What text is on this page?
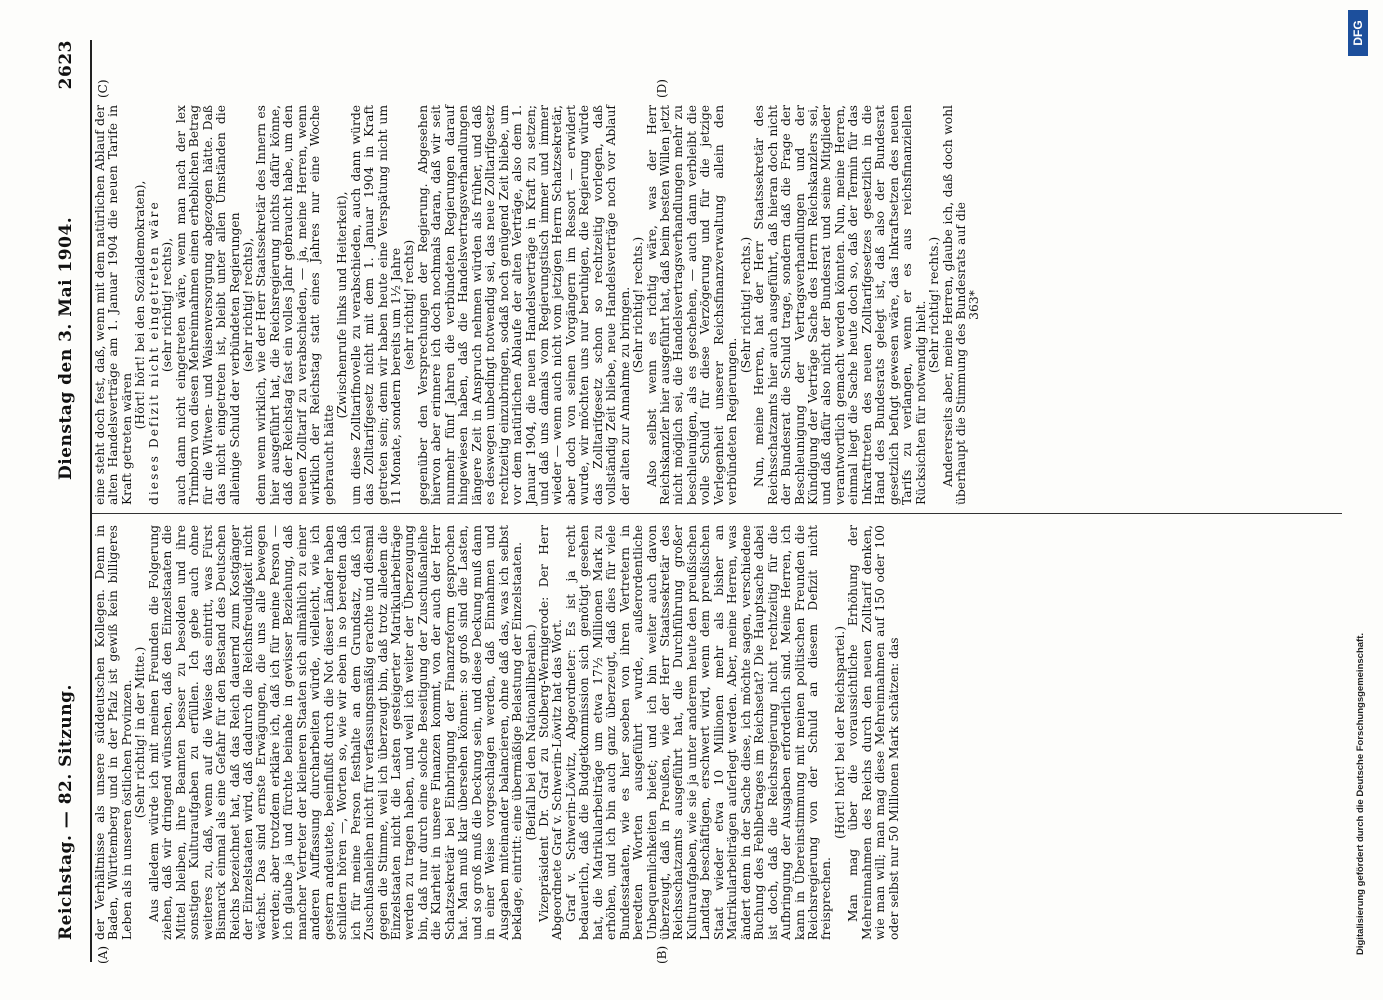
Reichstag. — 82. Sitzung.
Dienstag den 3. Mai 1904.
2623
(A)	(B)
(C)	(D)

der Verhältnisse als unsere süddeutschen Kollegen. Denn in Baden, Württemberg und in der Pfalz ist gewiß kein billigeres Leben als in unseren östlichen Provinzen. (Sehr richtig! in der Mitte.) Aus alledem würde ich mit meinen Freunden die Folgerung ziehen, daß wir dringend wünschen, daß den Einzelstaaten die Mittel bleiben, ihre Beamten besser zu besolden und ihre sonstigen Kulturaufgaben zu erfüllen. Ich gebe auch ohne weiteres zu, daß, wenn auf die Weise das eintritt, was Fürst Bismarck einmal als eine Gefahr für den Bestand des Deutschen Reichs bezeichnet hat, daß das Reich dauernd zum Kostgänger der Einzelstaaten wird, daß dadurch die Reichsfreudigkeit nicht wächst. Das sind ernste Erwägungen, die uns alle bewegen werden; aber trotzdem erkläre ich, daß ich für meine Person — ich glaube ja und fürchte beinahe in gewisser Beziehung, daß mancher Vertreter der kleineren Staaten sich allmählich zu einer anderen Auffassung durcharbeiten würde, vielleicht, wie ich gestern andeutete, beeinflußt durch die Not dieser Länder haben schildern hören —, Worten so, wie wir eben in so beredten daß ich für meine Person festhalte an dem Grundsatz, daß ich Zuschußanleihen nicht für verfassungsmäßig erachte und diesmal gegen die Stimme, weil ich überzeugt bin, daß trotz alledem die Einzelstaaten nicht die Lasten gesteigerter Matrikularbeiträge werden zu tragen haben, und weil ich weiter der Überzeugung bin, daß nur durch eine solche Beseitigung der Zuschußanleihe die Klarheit in unsere Finanzen kommt, von der auch der Herr Schatzsekretär bei Einbringung der Finanzreform gesprochen hat. Man muß klar übersehen können: so groß sind die Lasten, und so groß muß die Deckung sein, und diese Deckung muß dann in einer Weise vorgeschlagen werden, daß Einnahmen und Ausgaben miteinander balancieren, ohne daß das, was ich selbst beklage, eintritt: eine übermäßige Belastung der Einzelstaaten. (Beifall bei den Nationalliberalen.) Vizepräsident Dr. Graf zu Stolberg-Wernigerode: Der Herr Abgeordnete Graf v. Schwerin-Löwitz hat das Wort. Graf v. Schwerin-Löwitz, Abgeordneter: Es ist ja recht bedauerlich, daß die Budgetkommission sich genötigt gesehen hat, die Matrikularbeiträge um etwa 17½ Millionen Mark zu erhöhen, und ich bin auch ganz überzeugt, daß dies für viele Bundesstaaten, wie es hier soeben von ihren Vertretern in beredten Worten ausgeführt wurde, außerordentliche Unbequemlichkeiten bietet; und ich bin weiter auch davon überzeugt, daß in Preußen, wie der Herr Staatssekretär des Reichsschatzamts ausgeführt hat, die Durchführung großer Kulturaufgaben, wie sie ja unter anderem heute den preußischen Landtag beschäftigen, erschwert wird, wenn dem preußischen Staat wieder etwa 10 Millionen mehr als bisher an Matrikularbeiträgen auferlegt werden. Aber, meine Herren, was ändert denn in der Sache diese, ich möchte sagen, verschiedene Buchung des Fehlbetrages im Reichsetat? Die Hauptsache dabei ist doch, daß die Reichsregierung nicht rechtzeitig für die Aufbringung der Ausgaben erforderlich sind. Meine Herren, ich kann in Übereinstimmung mit meinen politischen Freunden die Reichsregierung von der Schuld an diesem Defizit nicht freisprechen.

(Hört! hört! bei der Reichspartei.) Man mag über die voraussichtliche Erhöhung der Mehreinnahmen des Reichs durch den neuen Zolltarif denken, wie man will; man mag diese Mehreinnahmen auf 150 oder 100 oder selbst nur 50 Millionen Mark schätzen: das

eine steht doch fest, daß, wenn mit dem natürlichen Ablauf der alten Handelsverträge am 1. Januar 1904 die neuen Tarife in Kraft getreten wären

(Hört! hört! bei den Sozialdemokraten), dieses Defizit nicht eingetreten wäre (sehr richtig! rechts), auch dann nicht eingetreten wäre, wenn man nach der lex Trimborn von diesen Mehreinnahmen einen erheblichen Betrag für die Witwen- und Waisenversorgung abgezogen hätte. Daß das nicht eingetreten ist, bleibt unter allen Umständen die alleinige Schuld der verbündeten Regierungen (sehr richtig! rechts), denn wenn wirklich, wie der Herr Staatssekretär des Innern es hier ausgeführt hat, die Reichsregierung nichts dafür könne, daß der Reichstag fast ein volles Jahr gebraucht habe, um den neuen Zolltarif zu verabschieden, — ja, meine Herren, wenn wirklich der Reichstag statt eines Jahres nur eine Woche gebraucht hätte

(Zwischenrufe links und Heiterkeit), um diese Zolltarifnovelle zu verabschieden, auch dann würde das Zolltarifgesetz nicht mit dem 1. Januar 1904 in Kraft getreten sein; denn wir haben heute eine Verspätung nicht um 11 Monate, sondern bereits um 1½ Jahre (sehr richtig! rechts) gegenüber den Versprechungen der Regierung. Abgesehen hiervon aber erinnere ich doch nochmals daran, daß wir seit nunmehr fünf Jahren die verbündeten Regierungen darauf hingewiesen haben, daß die Handelsvertragsverhandlungen längere Zeit in Anspruch nehmen würden als früher, und daß es deswegen unbedingt notwendig sei, das neue Zolltarifgesetz rechtzeitig einzubringen, sodaß noch genügend Zeit bliebe, um vor dem natürlichen Ablaufe der alten Verträge, also dem 1. Januar 1904, die neuen Handelsverträge in Kraft zu setzen; und daß uns damals vom Regierungstisch immer und immer wieder — wenn auch nicht vom jetzigen Herrn Schatzsekretär, aber doch von seinen Vorgängern im Ressort — erwidert wurde, wir möchten uns nur beruhigen, die Regierung würde das Zolltarifgesetz schon so rechtzeitig vorlegen, daß vollständig Zeit bliebe, neue Handelsverträge noch vor Ablauf der alten zur Annahme zu bringen. (Sehr richtig! rechts.) Also selbst wenn es richtig wäre, was der Herr Reichskanzler hier ausgeführt hat, daß beim besten Willen jetzt nicht möglich sei, die Handelsvertragsverhandlungen mehr zu beschleunigen, als es geschehen, — auch dann verbleibt die volle Schuld für diese Verzögerung und für die jetzige Verlegenheit unserer Reichsfinanzverwaltung allein den verbündeten Regierungen.

(Sehr richtig! rechts.) Nun, meine Herren, hat der Herr Staatssekretär des Reichsschatzamts hier auch ausgeführt, daß hieran doch nicht der Bundesrat die Schuld trage, sondern daß die Frage der Beschleunigung der Vertragsverhandlungen und der Kündigung der Verträge Sache des Herrn Reichskanzlers sei, und daß dafür also nicht der Bundesrat und seine Mitglieder verantwortlich gemacht werden könnten. Nun, meine Herren, einmal liegt die Sache heute doch so, daß der Termin für das Inkrafttreten des neuen Zolltarifgesetzes gesetzlich in die Hand des Bundesrats gelegt ist, daß also der Bundesrat gesetzlich befugt gewesen wäre, das Inkraftsetzen des neuen Tarifs zu verlangen, wenn er es aus reichsfinanziellen Rücksichten für notwendig hielt. (Sehr richtig! rechts.) Andererseits aber, meine Herren, glaube ich, daß doch wohl überhaupt die Stimmung des Bundesrats auf die 363*

Digitalisierung gefördert durch die Deutsche Forschungsgemeinschaft.
DFG
